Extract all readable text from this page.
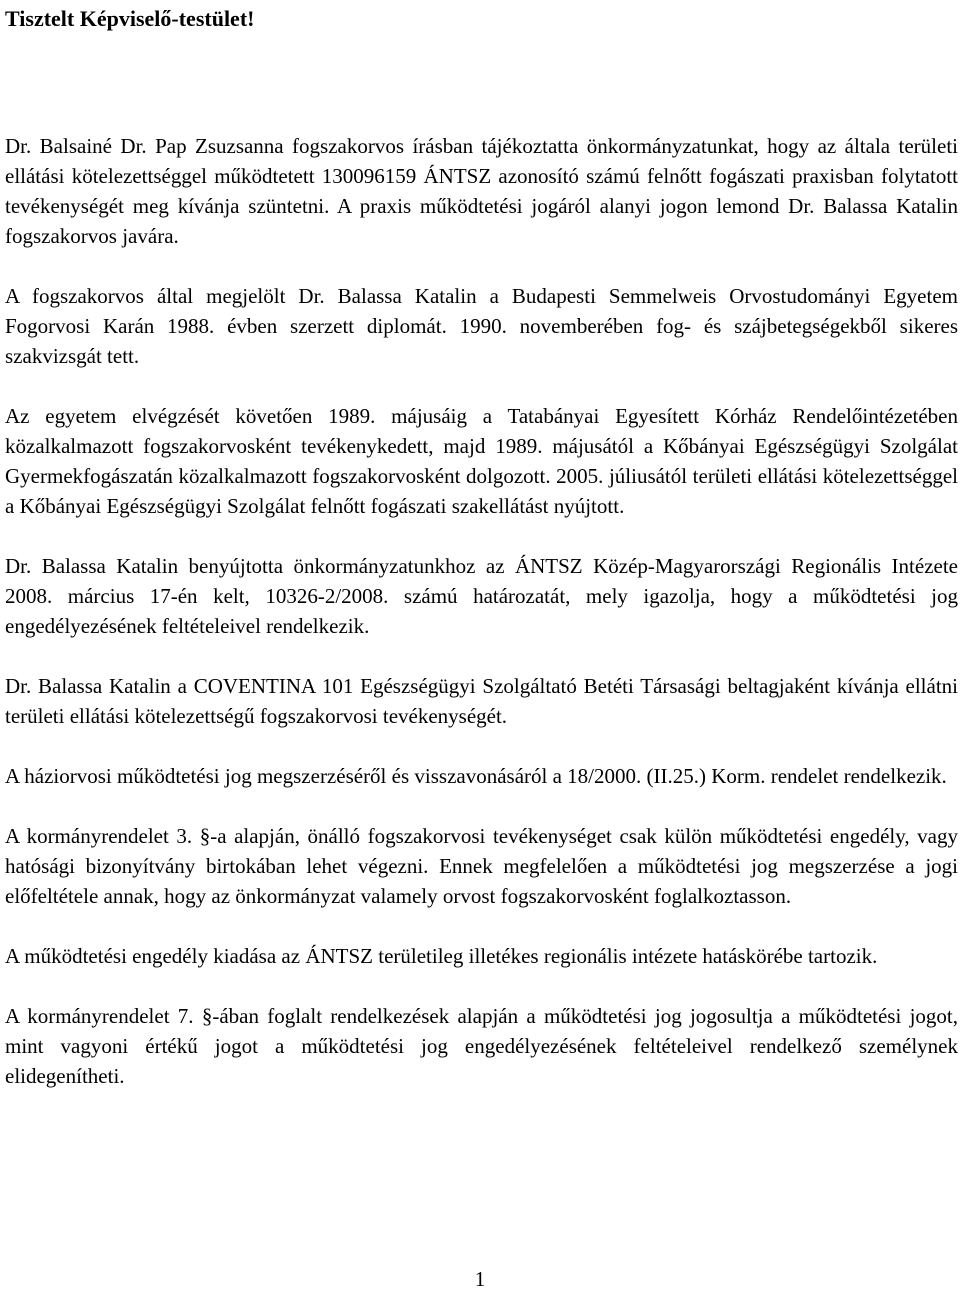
Tisztelt Képviselő-testület!

Dr. Balsainé Dr. Pap Zsuzsanna fogszakorvos írásban tájékoztatta önkormányzatunkat, hogy az általa területi ellátási kötelezettséggel működtetett 130096159 ÁNTSZ azonosító számú felnőtt fogászati praxisban folytatott tevékenységét meg kívánja szüntetni. A praxis működtetési jogáról alanyi jogon lemond Dr. Balassa Katalin fogszakorvos javára.

A fogszakorvos által megjelölt Dr. Balassa Katalin a Budapesti Semmelweis Orvostudományi Egyetem Fogorvosi Karán 1988. évben szerzett diplomát. 1990. novemberében fog- és szájbetegségekből sikeres szakvizsgát tett.

Az egyetem elvégzését követően 1989. májusáig a Tatabányai Egyesített Kórház Rendelőintézetében közalkalmazott fogszakorvosként tevékenykedett, majd 1989. májusától a Kőbányai Egészségügyi Szolgálat Gyermekfogászatán közalkalmazott fogszakorvosként dolgozott. 2005. júliusától területi ellátási kötelezettséggel a Kőbányai Egészségügyi Szolgálat felnőtt fogászati szakellátást nyújtott.

Dr. Balassa Katalin benyújtotta önkormányzatunkhoz az ÁNTSZ Közép-Magyarországi Regionális Intézete 2008. március 17-én kelt, 10326-2/2008. számú határozatát, mely igazolja, hogy a működtetési jog engedélyezésének feltételeivel rendelkezik.

Dr. Balassa Katalin a COVENTINA 101 Egészségügyi Szolgáltató Betéti Társasági beltagjaként kívánja ellátni területi ellátási kötelezettségű fogszakorvosi tevékenységét.

A háziorvosi működtetési jog megszerzéséről és visszavonásáról a 18/2000. (II.25.) Korm. rendelet rendelkezik.

A kormányrendelet 3. §-a alapján, önálló fogszakorvosi tevékenységet csak külön működtetési engedély, vagy hatósági bizonyítvány birtokában lehet végezni. Ennek megfelelően a működtetési jog megszerzése a jogi előfeltétele annak, hogy az önkormányzat valamely orvost fogszakorvosként foglalkoztasson.

A működtetési engedély kiadása az ÁNTSZ területileg illetékes regionális intézete hatáskörébe tartozik.

A kormányrendelet 7. §-ában foglalt rendelkezések alapján a működtetési jog jogosultja a működtetési jogot, mint vagyoni értékű jogot a működtetési jog engedélyezésének feltételeivel rendelkező személynek elidegenítheti.

1
